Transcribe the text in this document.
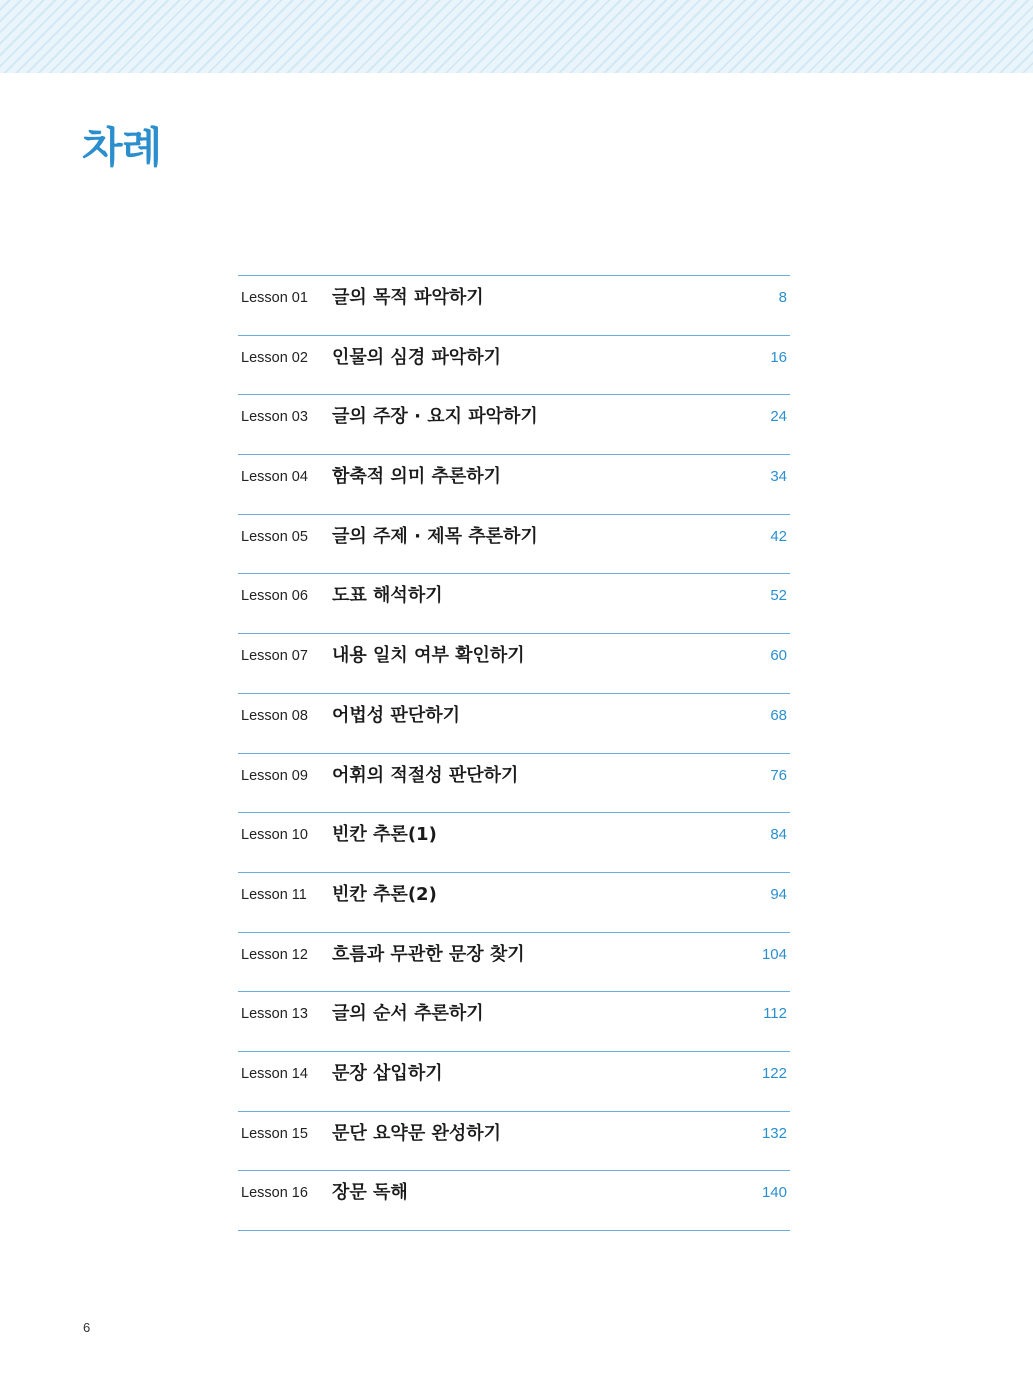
차례
Lesson 01 글의 목적 파악하기	8
Lesson 02 인물의 심경 파악하기	16
Lesson 03 글의 주장 · 요지 파악하기	24
Lesson 04 함축적 의미 추론하기	34
Lesson 05 글의 주제 · 제목 추론하기	42
Lesson 06 도표 해석하기	52
Lesson 07 내용 일치 여부 확인하기	60
Lesson 08 어법성 판단하기	68
Lesson 09 어휘의 적절성 판단하기	76
Lesson 10 빈칸 추론(1)	84
Lesson 11 빈칸 추론(2)	94
Lesson 12 흐름과 무관한 문장 찾기	104
Lesson 13 글의 순서 추론하기	112
Lesson 14 문장 삽입하기	122
Lesson 15 문단 요약문 완성하기	132
Lesson 16 장문 독해	140
6
